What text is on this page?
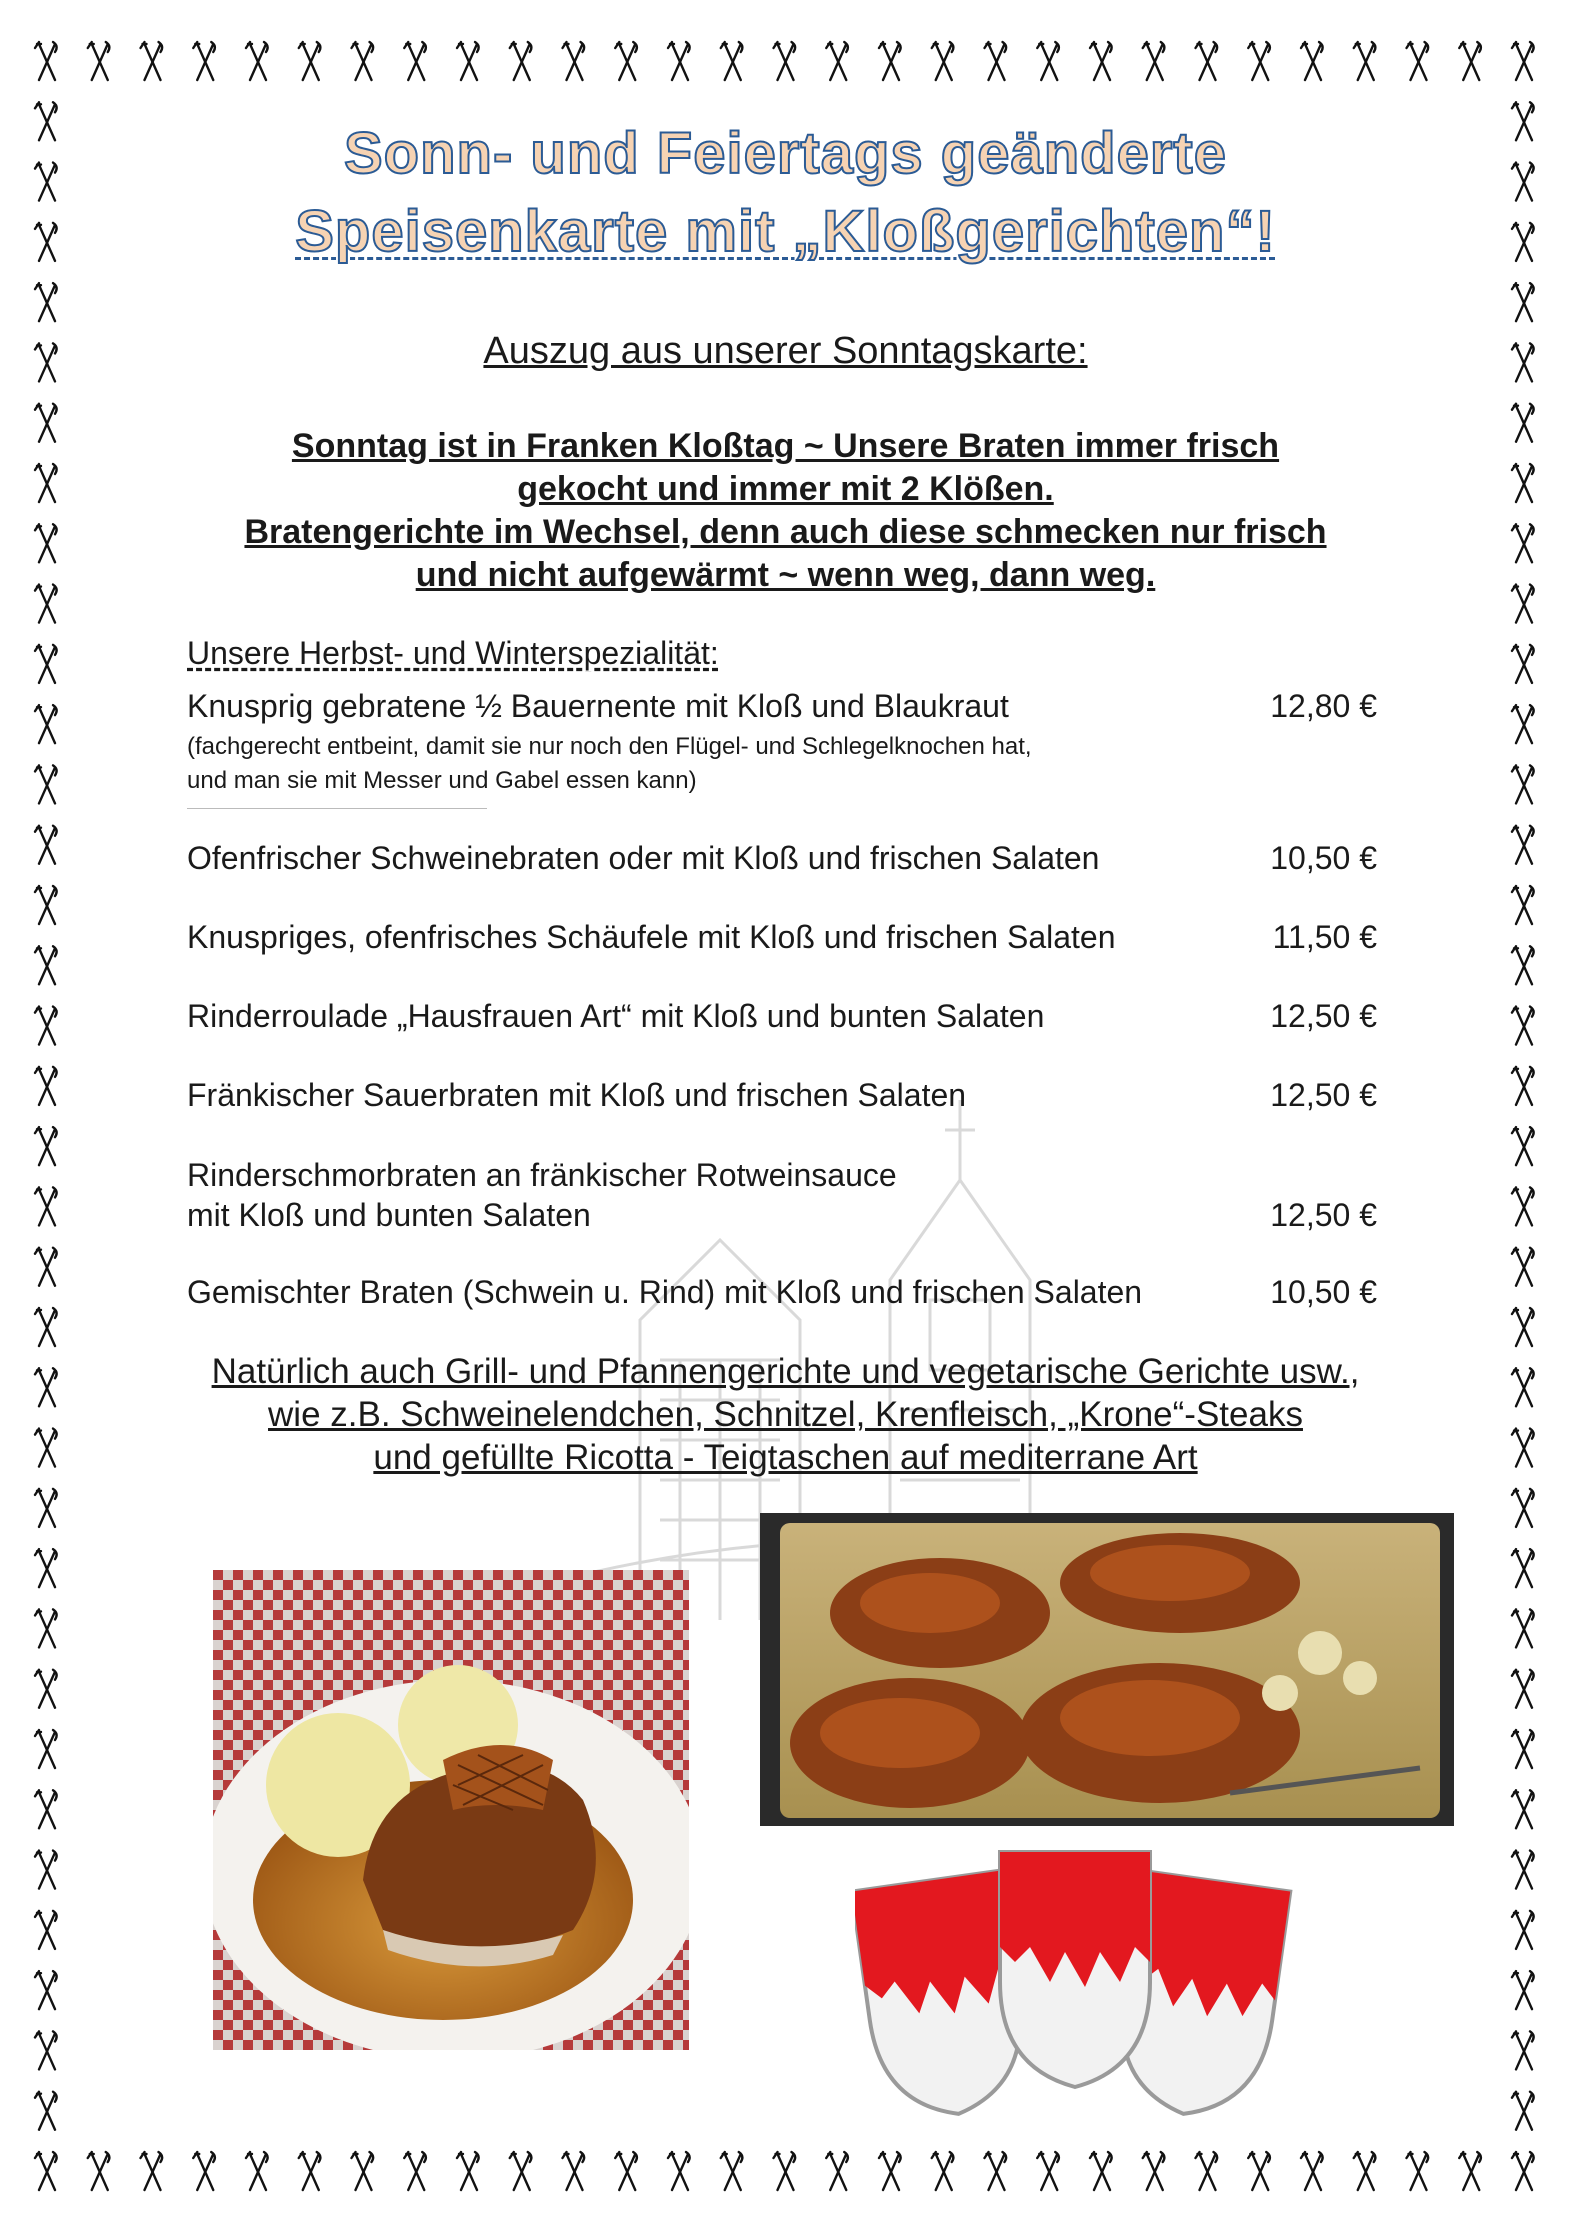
Sonn- und Feiertags geänderte
Speisenkarte mit „Kloßgerichten“!
Auszug aus unserer Sonntagskarte:
Sonntag ist in Franken Kloßtag ~ Unsere Braten immer frisch
gekocht und immer mit 2 Klößen.
Bratengerichte im Wechsel, denn auch diese schmecken nur frisch
und nicht aufgewärmt ~ wenn weg, dann weg.
Unsere Herbst- und Winterspezialität:
Knusprig gebratene ½ Bauernente mit Kloß und Blaukraut	12,80 €
(fachgerecht entbeint, damit sie nur noch den Flügel- und Schlegelknochen hat,
und man sie mit Messer und Gabel essen kann)
Ofenfrischer Schweinebraten oder mit Kloß und frischen Salaten	10,50 €
Knuspriges, ofenfrisches Schäufele mit Kloß und frischen Salaten	11,50 €
Rinderroulade „Hausfrauen Art“ mit Kloß und bunten Salaten	12,50 €
Fränkischer Sauerbraten mit Kloß und frischen Salaten	12,50 €
Rinderschmorbraten an fränkischer Rotweinsauce
mit Kloß und bunten Salaten	12,50 €
Gemischter Braten (Schwein u. Rind) mit Kloß und frischen Salaten	10,50 €
Natürlich auch Grill- und Pfannengerichte und vegetarische Gerichte usw.,
wie z.B. Schweinelendchen, Schnitzel, Krenfleisch, „Krone“-Steaks
und gefüllte Ricotta - Teigtaschen auf mediterrane Art
